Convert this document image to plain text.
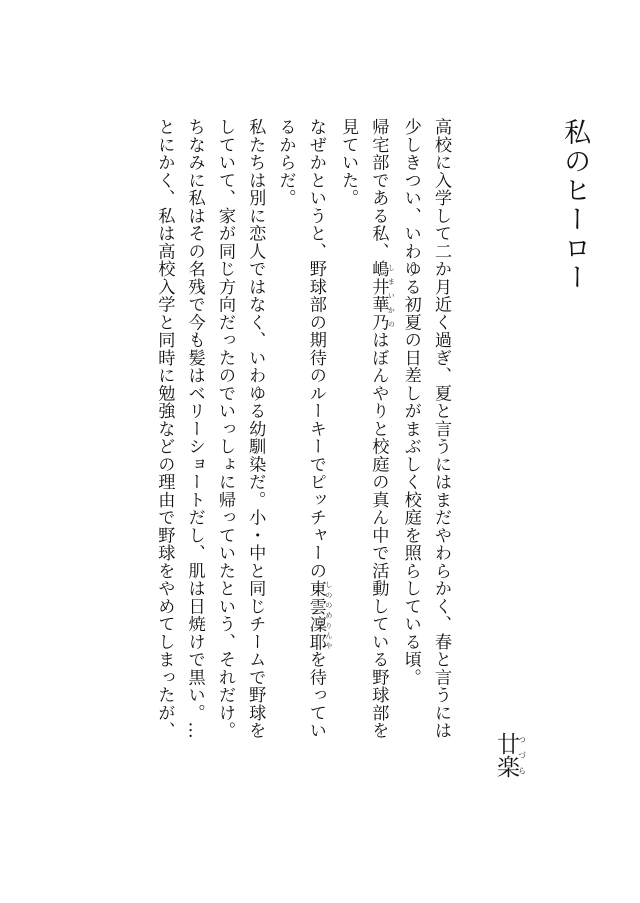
私のヒーロー
廿楽つづら
高校に入学して二か月近く過ぎ、夏と言うにはまだやわらかく、春と言うには
少しきつい、いわゆる初夏の日差しがまぶしく校庭を照らしている頃。
帰宅部である私、嶋井華乃 しまいかのはぼんやりと校庭の真ん中で活動している野球部を
見ていた。
なぜかというと、野球部の期待のルーキーでピッチャーの東雲凜耶 しののめりんやを待ってい
るからだ。
私たちは別に恋人ではなく、いわゆる幼馴染だ。小・中と同じチームで野球を
していて、家が同じ方向だったのでいっしょに帰っていたという、それだけ。
ちなみに私はその名残で今も髪はベリーショートだし、肌は日焼けで黒い。…
とにかく、私は高校入学と同時に勉強などの理由で野球をやめてしまったが、
